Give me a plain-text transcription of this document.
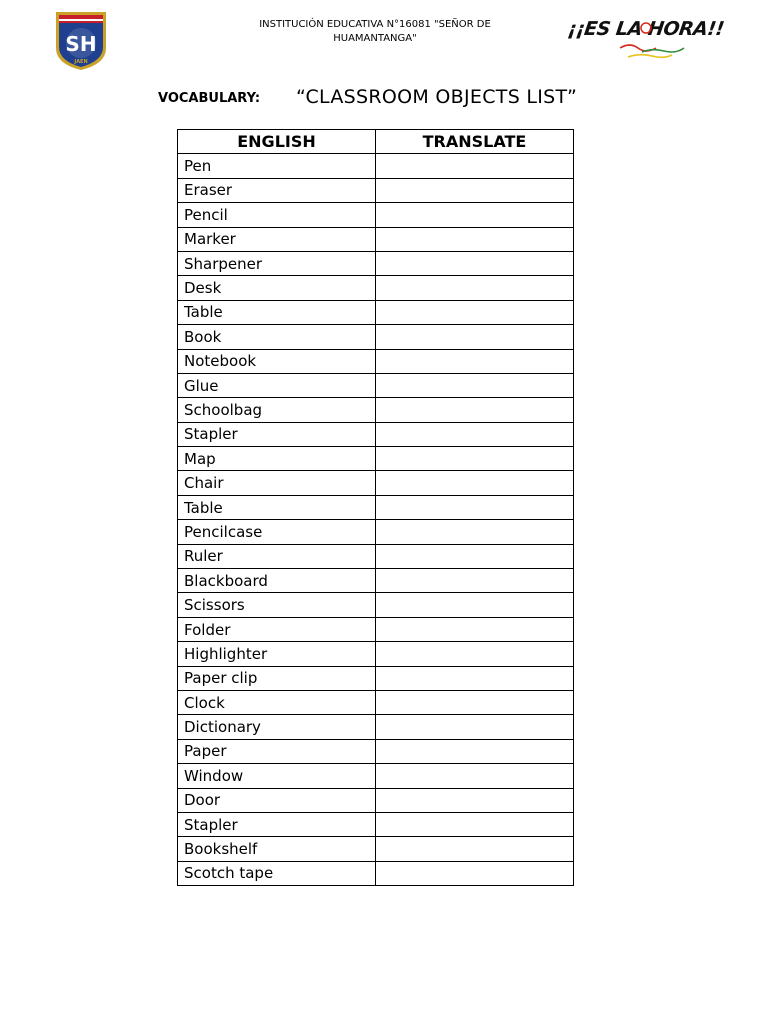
SH
JAEN
INSTITUCIÓN EDUCATIVA N°16081 "SEÑOR DE
HUAMANTANGA"	¡¡ES LA HORA!!
VOCABULARY: “CLASSROOM OBJECTS LIST”
ENGLISH	TRANSLATE
Pen	
Eraser	
Pencil	
Marker	
Sharpener	
Desk	
Table	
Book	
Notebook	
Glue	
Schoolbag	
Stapler	
Map	
Chair	
Table	
Pencilcase	
Ruler	
Blackboard	
Scissors	
Folder	
Highlighter	
Paper clip	
Clock	
Dictionary	
Paper	
Window	
Door	
Stapler	
Bookshelf	
Scotch tape	
